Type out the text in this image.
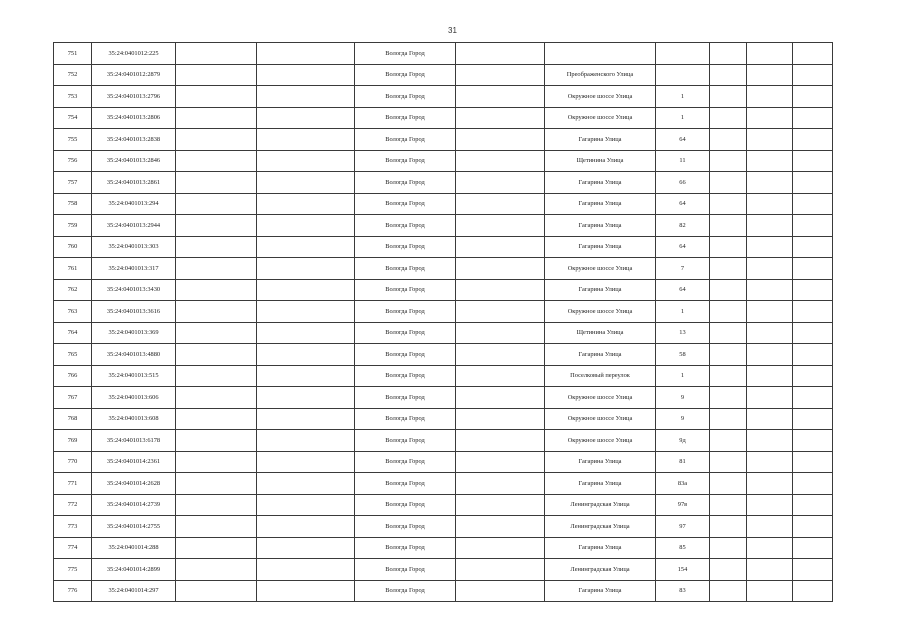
31
751	35:24:0401012:225			Вологда Город						
752	35:24:0401012:2879			Вологда Город		Преображенского Улица				
753	35:24:0401013:2796			Вологда Город		Окружное шоссе Улица	1			
754	35:24:0401013:2806			Вологда Город		Окружное шоссе Улица	1			
755	35:24:0401013:2838			Вологда Город		Гагарина Улица	64			
756	35:24:0401013:2846			Вологда Город		Щетинина Улица	11			
757	35:24:0401013:2861			Вологда Город		Гагарина Улица	66			
758	35:24:0401013:294			Вологда Город		Гагарина Улица	64			
759	35:24:0401013:2944			Вологда Город		Гагарина Улица	82			
760	35:24:0401013:303			Вологда Город		Гагарина Улица	64			
761	35:24:0401013:317			Вологда Город		Окружное шоссе Улица	7			
762	35:24:0401013:3430			Вологда Город		Гагарина Улица	64			
763	35:24:0401013:3616			Вологда Город		Окружное шоссе Улица	1			
764	35:24:0401013:369			Вологда Город		Щетинина Улица	13			
765	35:24:0401013:4880			Вологда Город		Гагарина Улица	58			
766	35:24:0401013:515			Вологда Город		Поселковый переулок	1			
767	35:24:0401013:606			Вологда Город		Окружное шоссе Улица	9			
768	35:24:0401013:608			Вологда Город		Окружное шоссе Улица	9			
769	35:24:0401013:6178			Вологда Город		Окружное шоссе Улица	9д			
770	35:24:0401014:2361			Вологда Город		Гагарина Улица	81			
771	35:24:0401014:2628			Вологда Город		Гагарина Улица	83а			
772	35:24:0401014:2739			Вологда Город		Ленинградская Улица	97в			
773	35:24:0401014:2755			Вологда Город		Ленинградская Улица	97			
774	35:24:0401014:288			Вологда Город		Гагарина Улица	85			
775	35:24:0401014:2899			Вологда Город		Ленинградская Улица	154			
776	35:24:0401014:297			Вологда Город		Гагарина Улица	83			
